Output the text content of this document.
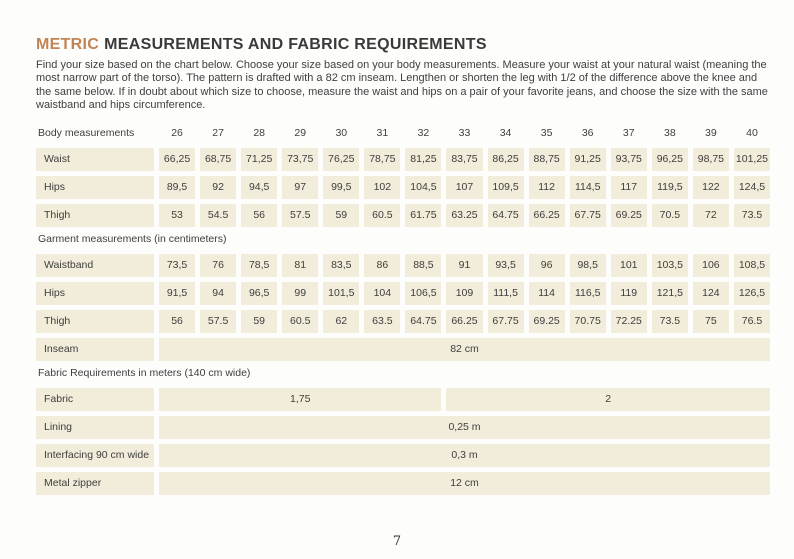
METRIC MEASUREMENTS AND FABRIC REQUIREMENTS

Find your size based on the chart below. Choose your size based on your body measurements. Measure your waist at your natural waist (meaning the most narrow part of the torso). The pattern is drafted with a 82 cm inseam. Lengthen or shorten the leg with 1/2 of the difference above the knee and the same below. If in doubt about which size to choose, measure the waist and hips on a pair of your favorite jeans, and choose the size with the same waistband and hips circumference.

Body measurements	26	27	28	29	30	31	32	33	34	35	36	37	38	39	40
Waist	66,25	68,75	71,25	73,75	76,25	78,75	81,25	83,75	86,25	88,75	91,25	93,75	96,25	98,75	101,25
Hips	89,5	92	94,5	97	99,5	102	104,5	107	109,5	112	114,5	117	119,5	122	124,5
Thigh	53	54.5	56	57.5	59	60.5	61.75	63.25	64.75	66.25	67.75	69.25	70.5	72	73.5
Garment measurements (in centimeters)
Waistband	73,5	76	78,5	81	83,5	86	88,5	91	93,5	96	98,5	101	103,5	106	108,5
Hips	91,5	94	96,5	99	101,5	104	106,5	109	111,5	114	116,5	119	121,5	124	126,5
Thigh	56	57.5	59	60.5	62	63.5	64.75	66.25	67.75	69.25	70.75	72.25	73.5	75	76.5
Inseam	82 cm
Fabric Requirements in meters (140 cm wide)
Fabric	1,75	2
Lining	0,25 m
Interfacing 90 cm wide	0,3 m
Metal zipper	12 cm
7
